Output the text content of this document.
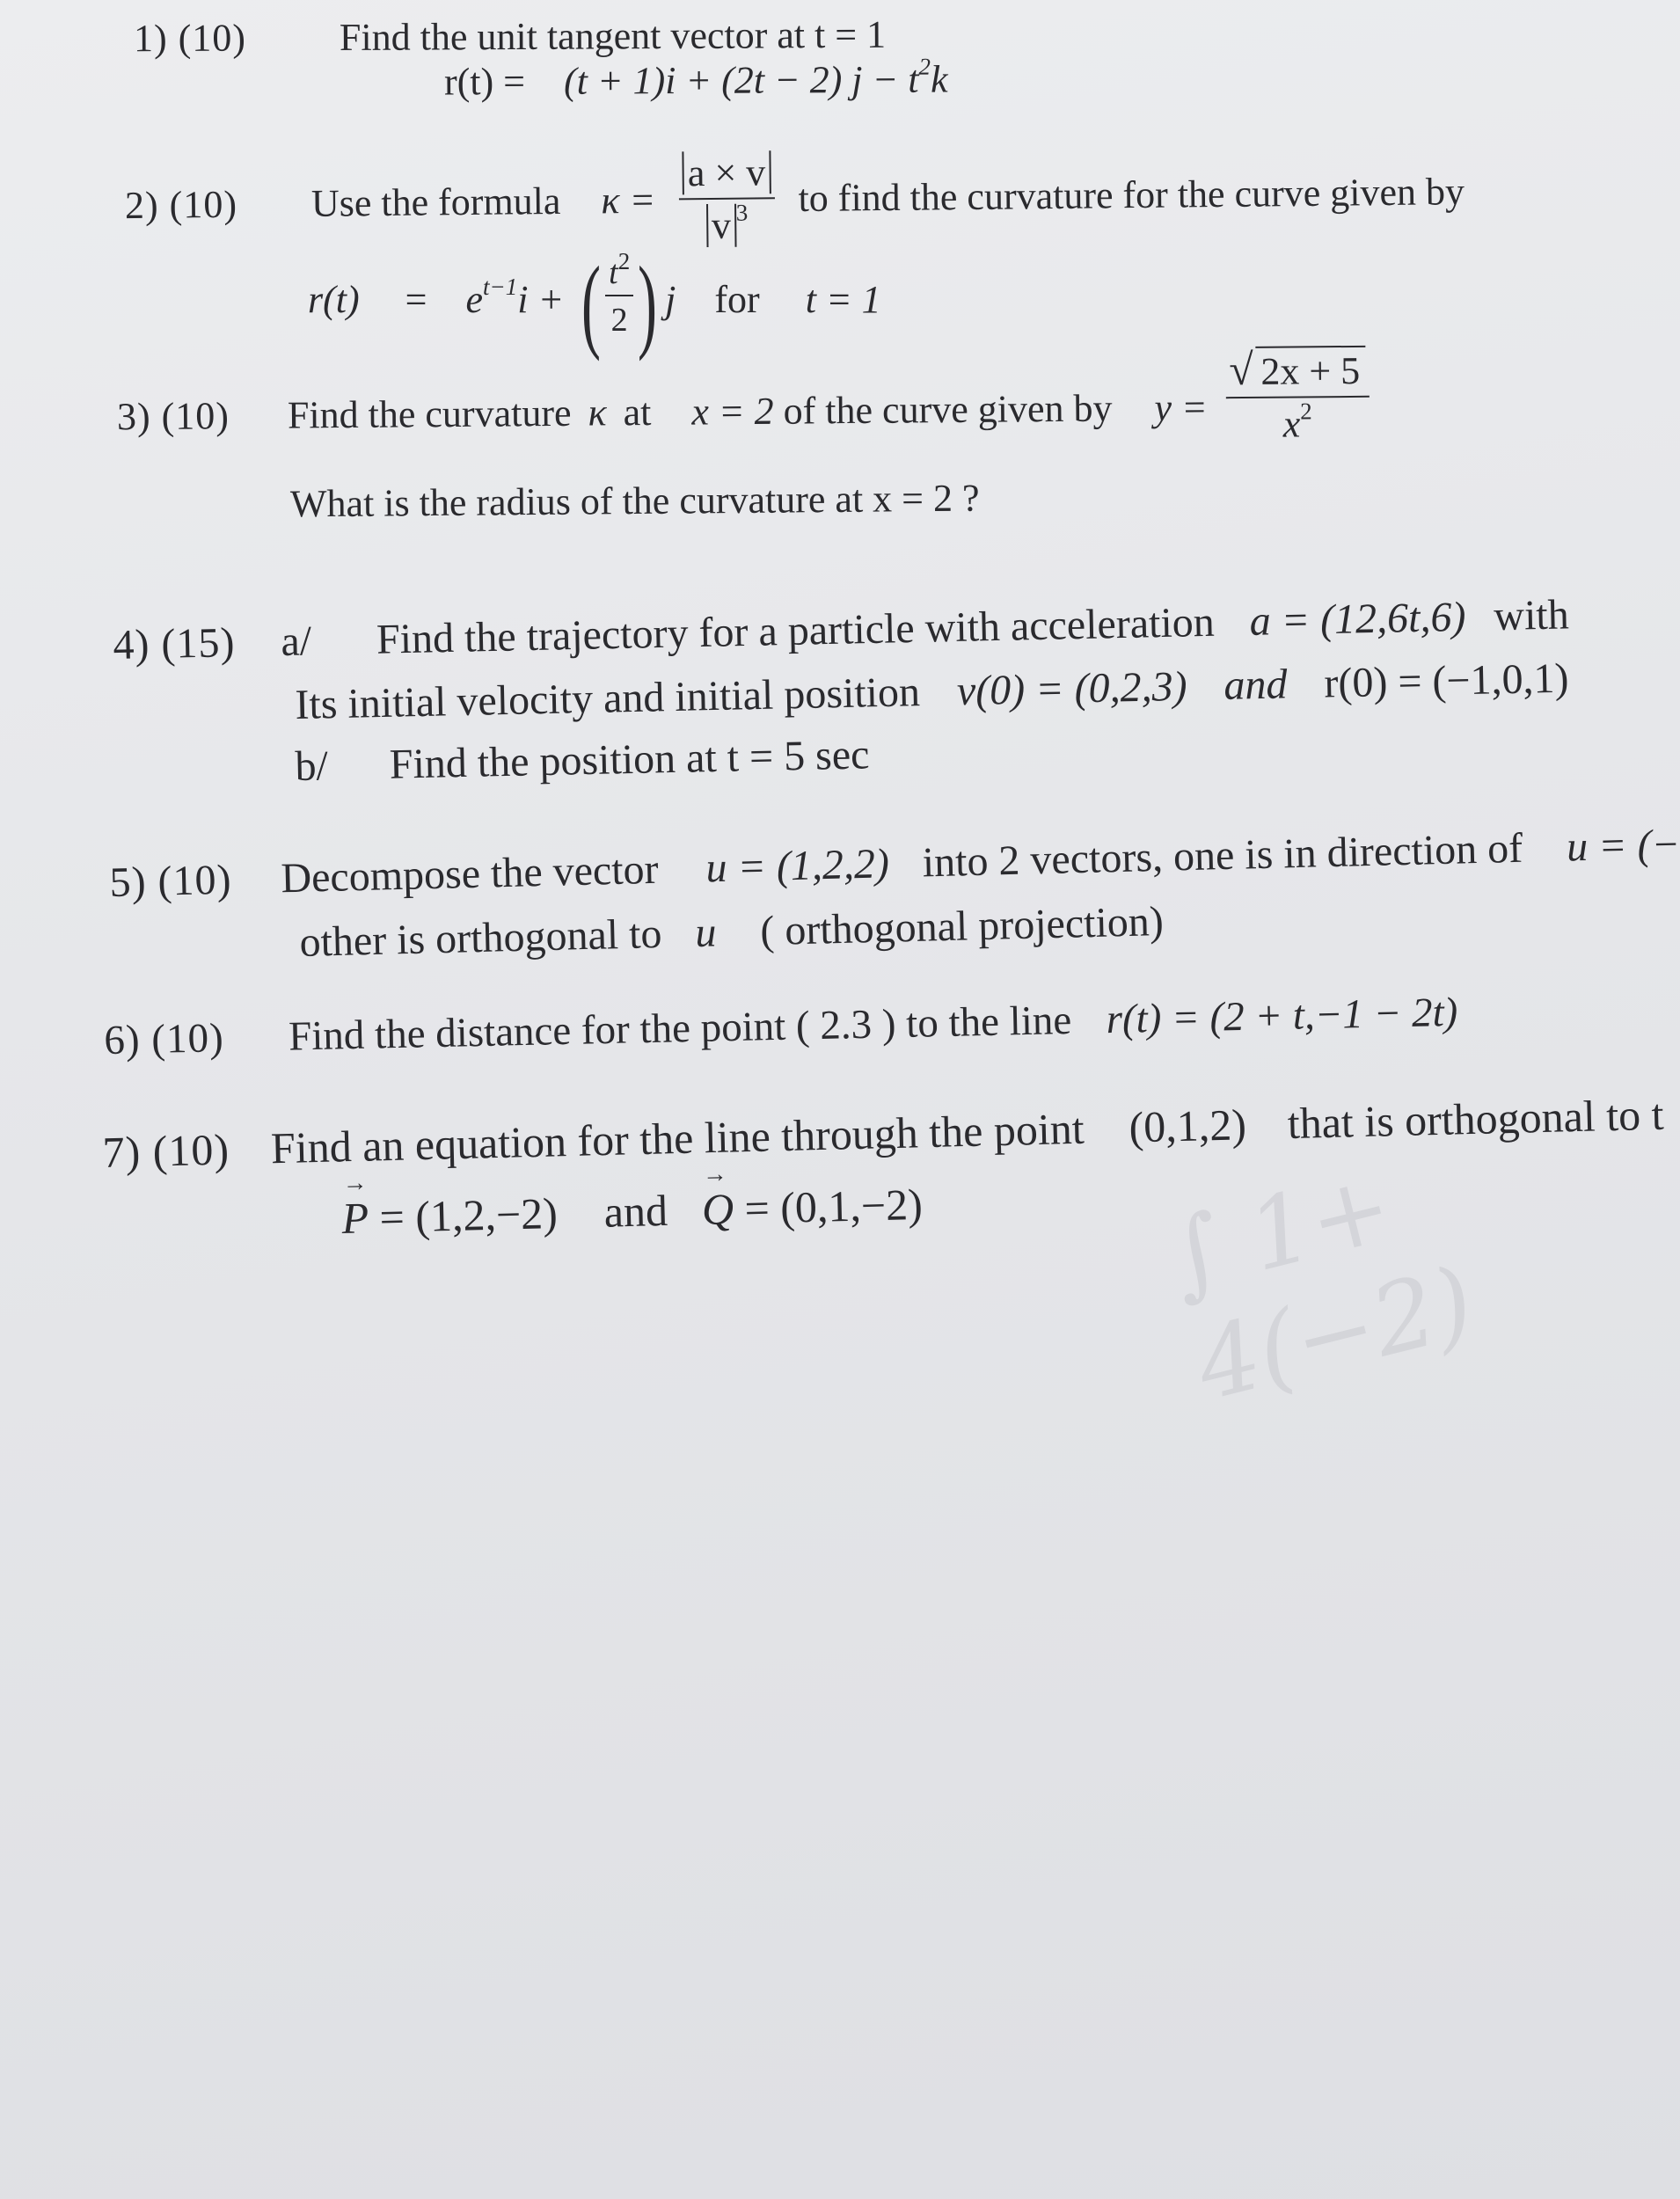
∫ 1+ 4(−2)
1) (10) Find the unit tangent vector at t = 1
r(t) = (t + 1)i + (2t − 2) $j - t^2k$
2) (10) Use the formula $\kappa = \frac{a \times v}{v ^3}$ to find the curvature for the curve given by
$r(t) = e^{t-1}i$ + ( $\frac{t^2}{2}$ ) j for t = 1
3) (10) Find the curvature κ at x = 2 of the curve given by $y = \frac{√ 2x + 5}{x^2}$
What is the radius of the curvature at x = 2 ?
4) (15) a/ Find the trajectory for a particle with acceleration a = (12,6t,6) with
Its initial velocity and initial position v(0) = (0,2,3) and r(0) = (−1,0,1)
b/ Find the position at t = 5 sec
5) (10) Decompose the vector u = (1,2,2) into 2 vectors, one is in direction of u = (−
other is orthogonal to u ( orthogonal projection)
6) (10) Find the distance for the point ( 2.3 ) to the line r(t) = (2 + t,−1 − 2t)
7) (10) Find an equation for the line through the point (0,1,2) that is orthogonal to t
→ P = (1,2,−2) and  → Q = (0,1,−2)
